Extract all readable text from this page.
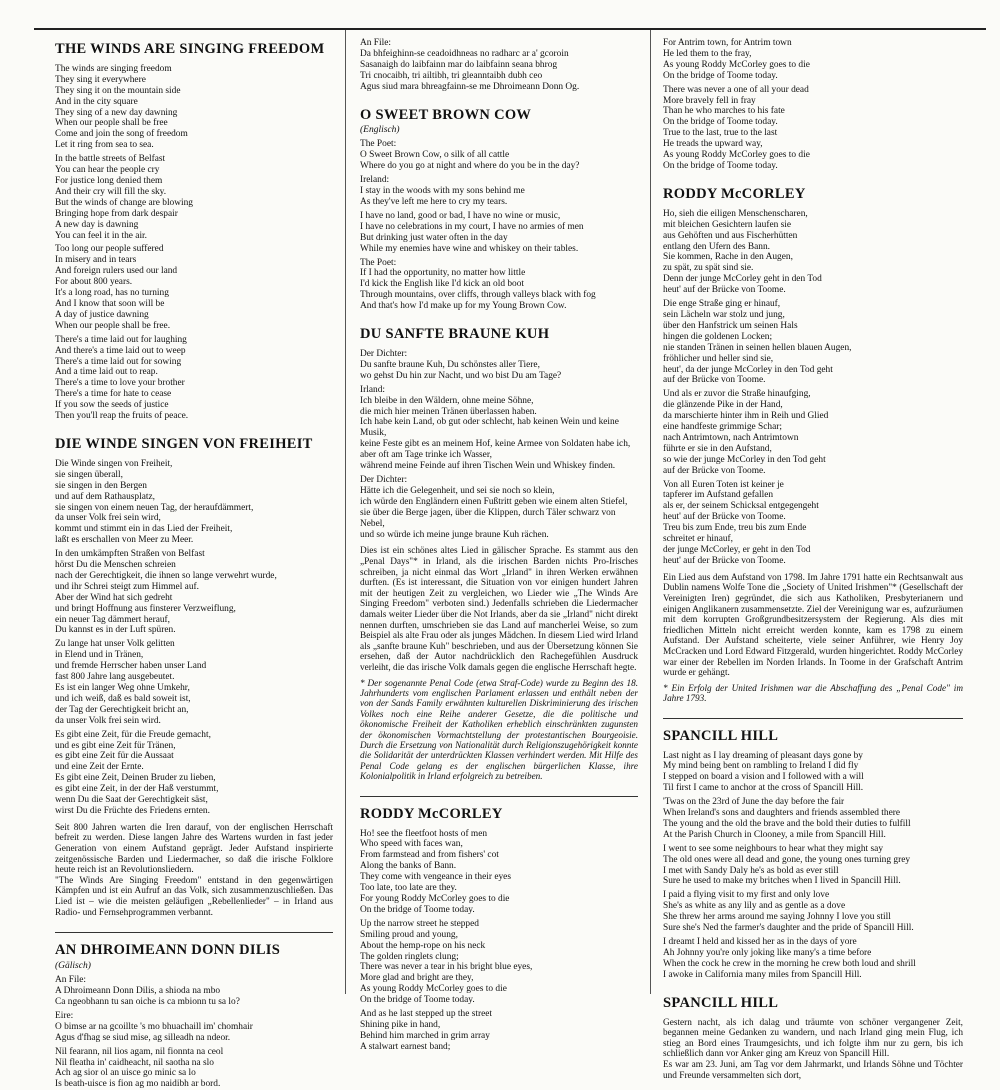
THE WINDS ARE SINGING FREEDOM
The winds are singing freedom
They sing it everywhere
They sing it on the mountain side
And in the city square
They sing of a new day dawning
When our people shall be free
Come and join the song of freedom
Let it ring from sea to sea.
In the battle streets of Belfast
You can hear the people cry
For justice long denied them
And their cry will fill the sky.
But the winds of change are blowing
Bringing hope from dark despair
A new day is dawning
You can feel it in the air.
Too long our people suffered
In misery and in tears
And foreign rulers used our land
For about 800 years.
It's a long road, has no turning
And I know that soon will be
A day of justice dawning
When our people shall be free.
There's a time laid out for laughing
And there's a time laid out to weep
There's a time laid out for sowing
And a time laid out to reap.
There's a time to love your brother
There's a time for hate to cease
If you sow the seeds of justice
Then you'll reap the fruits of peace.
DIE WINDE SINGEN VON FREIHEIT
Die Winde singen von Freiheit,
sie singen überall,
sie singen in den Bergen
und auf dem Rathausplatz,
sie singen von einem neuen Tag, der heraufdämmert,
da unser Volk frei sein wird,
kommt und stimmt ein in das Lied der Freiheit,
laßt es erschallen von Meer zu Meer.
In den umkämpften Straßen von Belfast
hörst Du die Menschen schreien
nach der Gerechtigkeit, die ihnen so lange verwehrt wurde,
und ihr Schrei steigt zum Himmel auf.
Aber der Wind hat sich gedreht
und bringt Hoffnung aus finsterer Verzweiflung,
ein neuer Tag dämmert herauf,
Du kannst es in der Luft spüren.
Zu lange hat unser Volk gelitten
in Elend und in Tränen,
und fremde Herrscher haben unser Land
fast 800 Jahre lang ausgebeutet.
Es ist ein langer Weg ohne Umkehr,
und ich weiß, daß es bald soweit ist,
der Tag der Gerechtigkeit bricht an,
da unser Volk frei sein wird.
Es gibt eine Zeit, für die Freude gemacht,
und es gibt eine Zeit für Tränen,
es gibt eine Zeit für die Aussaat
und eine Zeit der Ernte.
Es gibt eine Zeit, Deinen Bruder zu lieben,
es gibt eine Zeit, in der der Haß verstummt,
wenn Du die Saat der Gerechtigkeit säst,
wirst Du die Früchte des Friedens ernten.
Seit 800 Jahren warten die Iren darauf, von der englischen Herrschaft befreit zu werden. Diese langen Jahre des Wartens wurden in fast jeder Generation von einem Aufstand geprägt. Jeder Aufstand inspirierte zeitgenössische Barden und Liedermacher, so daß die irische Folklore heute reich ist an Revolutionsliedern.
"The Winds Are Singing Freedom" entstand in den gegenwärtigen Kämpfen und ist ein Aufruf an das Volk, sich zusammenzuschließen. Das Lied ist – wie die meisten geläufigen „Rebellenlieder" – in Irland aus Radio- und Fernsehprogrammen verbannt.
AN DHROIMEANN DONN DILIS
(Gälisch)
An File:
A Dhroimeann Donn Dilis, a shioda na mbo
Ca ngeobhann tu san oiche is ca mbionn tu sa lo?
Eire:
O bimse ar na gcoillte 's mo bhuachaill im' chomhair
Agus d'fhag se siud mise, ag silleadh na ndeor.
Nil fearann, nil lios agam, nil fionnta na ceol
Nil fleatha in' caidheacht, nil saotha na slo
Ach ag sior ol an uisce go minic sa lo
Is beath-uisce is fion ag mo naidibh ar bord.
An File:
Da bhfeighinn-se ceadoidhneas no radharc ar a' gcoroin
Sasanaigh do laibfainn mar do laibfainn seana bhrog
Tri cnocaibh, tri ailtibh, tri gleanntaibh dubh ceo
Agus siud mara bhreagfainn-se me Dhroimeann Donn Og.
O SWEET BROWN COW
(Englisch)
The Poet:
O Sweet Brown Cow, o silk of all cattle
Where do you go at night and where do you be in the day?
Ireland:
I stay in the woods with my sons behind me
As they've left me here to cry my tears.
I have no land, good or bad, I have no wine or music,
I have no celebrations in my court, I have no armies of men
But drinking just water often in the day
While my enemies have wine and whiskey on their tables.
The Poet:
If I had the opportunity, no matter how little
I'd kick the English like I'd kick an old boot
Through mountains, over cliffs, through valleys black with fog
And that's how I'd make up for my Young Brown Cow.
DU SANFTE BRAUNE KUH
Der Dichter:
Du sanfte braune Kuh, Du schönstes aller Tiere,
wo gehst Du hin zur Nacht, und wo bist Du am Tage?
Irland:
Ich bleibe in den Wäldern, ohne meine Söhne,
die mich hier meinen Tränen überlassen haben.
Ich habe kein Land, ob gut oder schlecht, hab keinen Wein und keine Musik,
keine Feste gibt es an meinem Hof, keine Armee von Soldaten habe ich,
aber oft am Tage trinke ich Wasser,
während meine Feinde auf ihren Tischen Wein und Whiskey finden.
Der Dichter:
Hätte ich die Gelegenheit, und sei sie noch so klein,
ich würde den Engländern einen Fußtritt geben wie einem alten Stiefel,
sie über die Berge jagen, über die Klippen, durch Täler schwarz von Nebel,
und so würde ich meine junge braune Kuh rächen.
Dies ist ein schönes altes Lied in gälischer Sprache. Es stammt aus den „Penal Days"* in Irland, als die irischen Barden nichts Pro-Irisches schreiben, ja nicht einmal das Wort „Irland" in ihren Werken erwähnen durften. (Es ist interessant, die Situation von vor einigen hundert Jahren mit der heutigen Zeit zu vergleichen, wo Lieder wie „The Winds Are Singing Freedom" verboten sind.) Jedenfalls schrieben die Liedermacher damals weiter Lieder über die Not Irlands, aber da sie „Irland" nicht direkt nennen durften, umschrieben sie das Land auf mancherlei Weise, so zum Beispiel als alte Frau oder als junges Mädchen. In diesem Lied wird Irland als „sanfte braune Kuh" beschrieben, und aus der Übersetzung können Sie ersehen, daß der Autor nachdrücklich den Rachegefühlen Ausdruck verleiht, die das irische Volk damals gegen die englische Herrschaft hegte.
* Der sogenannte Penal Code (etwa Straf-Code) wurde zu Beginn des 18. Jahrhunderts vom englischen Parlament erlassen und enthält neben der von der Sands Family erwähnten kulturellen Diskriminierung des irischen Volkes noch eine Reihe anderer Gesetze, die die politische und ökonomische Freiheit der Katholiken erheblich einschränkten zugunsten der ökonomischen Vormachtstellung der protestantischen Bourgeoisie. Durch die Ersetzung von Nationalität durch Religionszugehörigkeit konnte die Solidarität der unterdrückten Klassen verhindert werden. Mit Hilfe des Penal Code gelang es der englischen bürgerlichen Klasse, ihre Kolonialpolitik in Irland erfolgreich zu betreiben.
RODDY McCORLEY
Ho! see the fleetfoot hosts of men
Who speed with faces wan,
From farmstead and from fishers' cot
Along the banks of Bann.
They come with vengeance in their eyes
Too late, too late are they.
For young Roddy McCorley goes to die
On the bridge of Toome today.
Up the narrow street he stepped
Smiling proud and young,
About the hemp-rope on his neck
The golden ringlets clung;
There was never a tear in his bright blue eyes,
More glad and bright are they,
As young Roddy McCorley goes to die
On the bridge of Toome today.
And as he last stepped up the street
Shining pike in hand,
Behind him marched in grim array
A stalwart earnest band;
For Antrim town, for Antrim town
He led them to the fray,
As young Roddy McCorley goes to die
On the bridge of Toome today.
There was never a one of all your dead
More bravely fell in fray
Than he who marches to his fate
On the bridge of Toome today.
True to the last, true to the last
He treads the upward way,
As young Roddy McCorley goes to die
On the bridge of Toome today.
RODDY McCORLEY
Ho, sieh die eiligen Menschenscharen,
mit bleichen Gesichtern laufen sie
aus Gehöften und aus Fischerhütten
entlang den Ufern des Bann.
Sie kommen, Rache in den Augen,
zu spät, zu spät sind sie.
Denn der junge McCorley geht in den Tod
heut' auf der Brücke von Toome.
Die enge Straße ging er hinauf,
sein Lächeln war stolz und jung,
über den Hanfstrick um seinen Hals
hingen die goldenen Locken;
nie standen Tränen in seinen hellen blauen Augen,
fröhlicher und heller sind sie,
heut', da der junge McCorley in den Tod geht
auf der Brücke von Toome.
Und als er zuvor die Straße hinaufging,
die glänzende Pike in der Hand,
da marschierte hinter ihm in Reih und Glied
eine handfeste grimmige Schar;
nach Antrimtown, nach Antrimtown
führte er sie in den Aufstand,
so wie der junge McCorley in den Tod geht
auf der Brücke von Toome.
Von all Euren Toten ist keiner je
tapferer im Aufstand gefallen
als er, der seinem Schicksal entgegengeht
heut' auf der Brücke von Toome.
Treu bis zum Ende, treu bis zum Ende
schreitet er hinauf,
der junge McCorley, er geht in den Tod
heut' auf der Brücke von Toome.
Ein Lied aus dem Aufstand von 1798. Im Jahre 1791 hatte ein Rechtsanwalt aus Dublin namens Wolfe Tone die „Society of United Irishmen"* (Gesellschaft der Vereinigten Iren) gegründet, die sich aus Katholiken, Presbyterianern und einigen Anglikanern zusammensetzte. Ziel der Vereinigung war es, aufzuräumen mit dem korrupten Großgrundbesitzersystem der Regierung. Als dies mit friedlichen Mitteln nicht erreicht werden konnte, kam es 1798 zu einem Aufstand. Der Aufstand scheiterte, viele seiner Anführer, wie Henry Joy McCracken und Lord Edward Fitzgerald, wurden hingerichtet. Roddy McCorley war einer der Rebellen im Norden Irlands. In Toome in der Grafschaft Antrim wurde er gehängt.
* Ein Erfolg der United Irishmen war die Abschaffung des „Penal Code" im Jahre 1793.
SPANCILL HILL
Last night as I lay dreaming of pleasant days gone by
My mind being bent on rambling to Ireland I did fly
I stepped on board a vision and I followed with a will
Til first I came to anchor at the cross of Spancill Hill.
'Twas on the 23rd of June the day before the fair
When Ireland's sons and daughters and friends assembled there
The young and the old the brave and the bold their duties to fulfill
At the Parish Church in Clooney, a mile from Spancill Hill.
I went to see some neighbours to hear what they might say
The old ones were all dead and gone, the young ones turning grey
I met with Sandy Daly he's as bold as ever still
Sure he used to make my britches when I lived in Spancill Hill.
I paid a flying visit to my first and only love
She's as white as any lily and as gentle as a dove
She threw her arms around me saying Johnny I love you still
Sure she's Ned the farmer's daughter and the pride of Spancill Hill.
I dreamt I held and kissed her as in the days of yore
Ah Johnny you're only joking like many's a time before
When the cock he crew in the morning he crew both loud and shrill
I awoke in California many miles from Spancill Hill.
SPANCILL HILL
Gestern nacht, als ich dalag und träumte von schöner vergangener Zeit, begannen meine Gedanken zu wandern, und nach Irland ging mein Flug, ich stieg an Bord eines Traumgesichts, und ich folgte ihm nur zu gern, bis ich schließlich dann vor Anker ging am Kreuz von Spancill Hill.
Es war am 23. Juni, am Tag vor dem Jahrmarkt, und Irlands Söhne und Töchter und Freunde versammelten sich dort,
